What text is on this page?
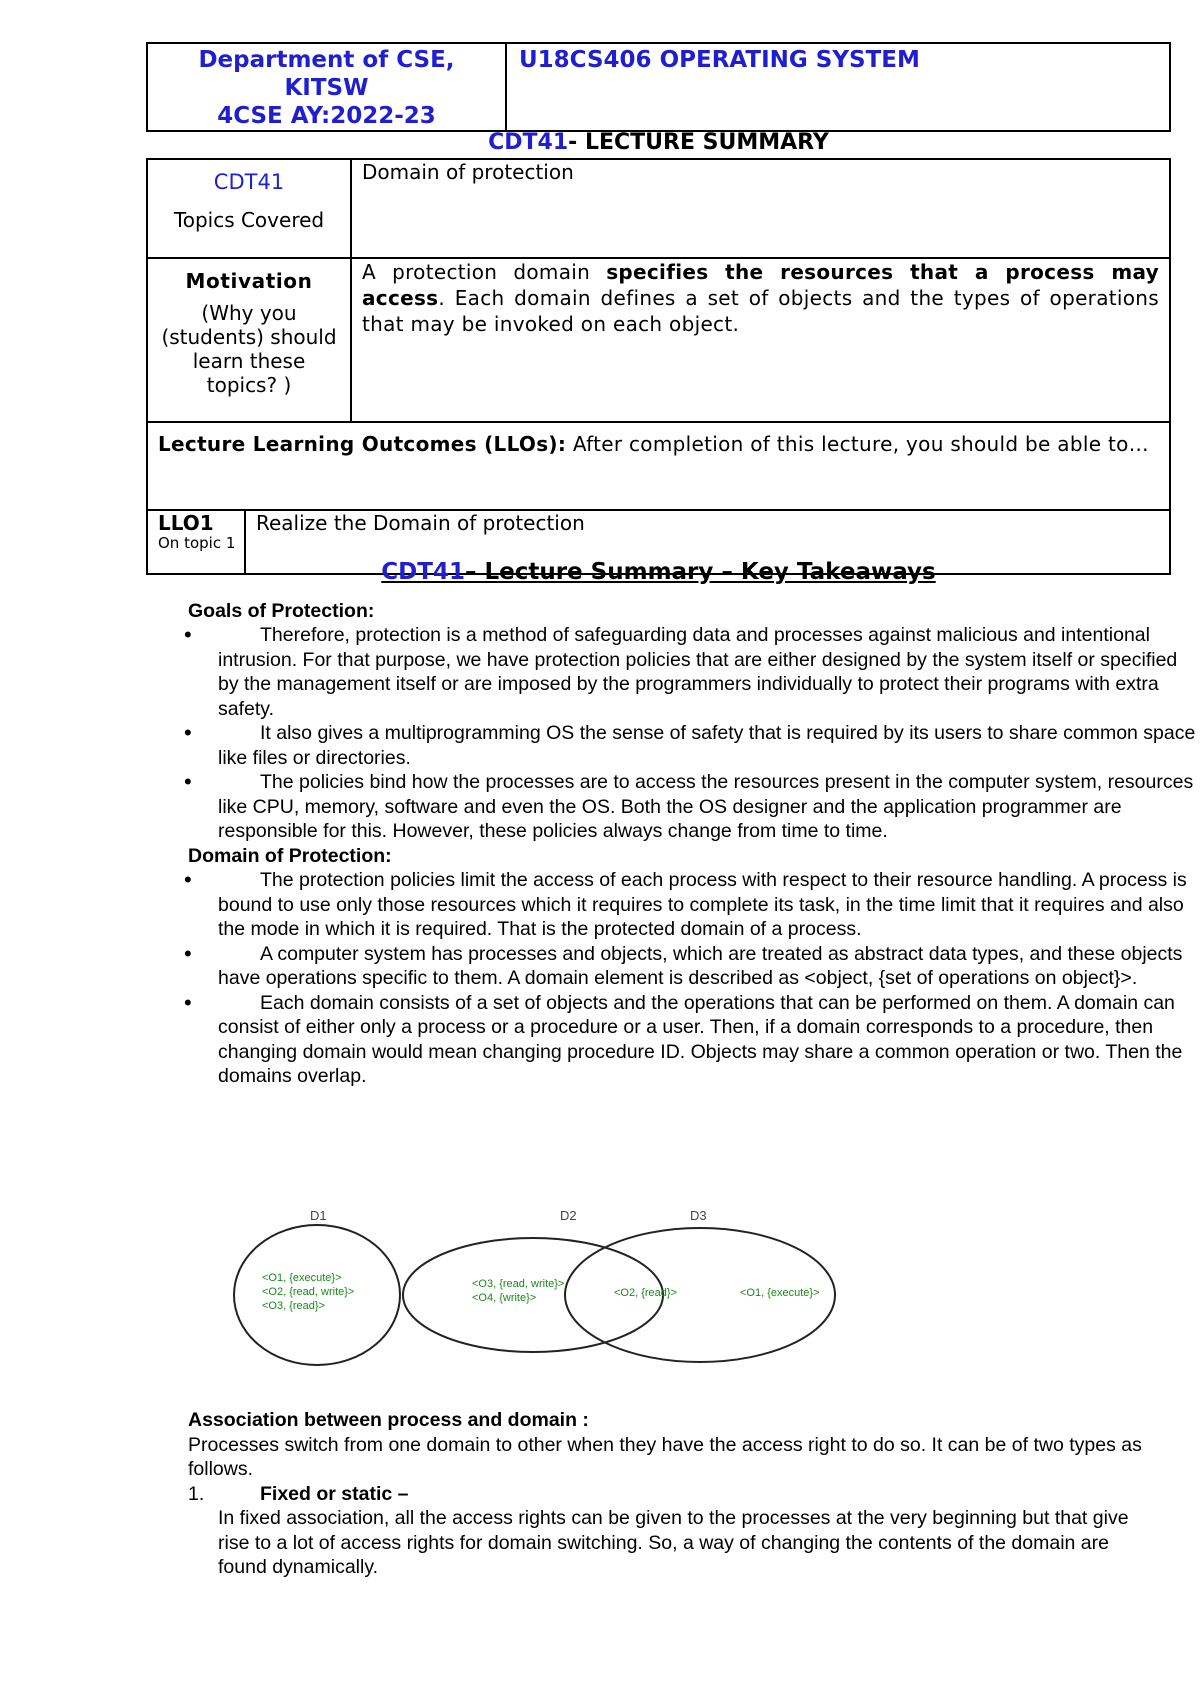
Department of CSE,
KITSW
4CSE AY:2022-23
	U18CS406 OPERATING SYSTEM
CDT41- LECTURE SUMMARY
CDT41
Topics Covered
	Domain of protection

Motivation
(Why you (students) should learn these topics? )
	A protection domain specifies the resources that a process may access. Each domain defines a set of objects and the types of operations that may be invoked on each object.
Lecture Learning Outcomes (LLOs): After completion of this lecture, you should be able to…

LLO1
On topic 1
	Realize the Domain of protection
CDT41– Lecture Summary – Key Takeaways
Goals of Protection:
• Therefore, protection is a method of safeguarding data and processes against malicious and intentional intrusion. For that purpose, we have protection policies that are either designed by the system itself or specified by the management itself or are imposed by the programmers individually to protect their programs with extra safety.
• It also gives a multiprogramming OS the sense of safety that is required by its users to share common space like files or directories.
• The policies bind how the processes are to access the resources present in the computer system, resources like CPU, memory, software and even the OS. Both the OS designer and the application programmer are responsible for this. However, these policies always change from time to time.
Domain of Protection:
• The protection policies limit the access of each process with respect to their resource handling. A process is bound to use only those resources which it requires to complete its task, in the time limit that it requires and also the mode in which it is required. That is the protected domain of a process.
• A computer system has processes and objects, which are treated as abstract data types, and these objects have operations specific to them. A domain element is described as <object, {set of operations on object}>.
• Each domain consists of a set of objects and the operations that can be performed on them. A domain can consist of either only a process or a procedure or a user. Then, if a domain corresponds to a procedure, then changing domain would mean changing procedure ID. Objects may share a common operation or two. Then the domains overlap.
D1	D2	D3
<O1, {execute}>
<O2, {read, write}>
<O3, {read}>
<O3, {read, write}>
<O4, {write}>	<O2, {read}>	<O1, {execute}>
Association between process and domain :
Processes switch from one domain to other when they have the access right to do so. It can be of two types as follows.
1.	Fixed or static –
In fixed association, all the access rights can be given to the processes at the very beginning but that give rise to a lot of access rights for domain switching. So, a way of changing the contents of the domain are found dynamically.
